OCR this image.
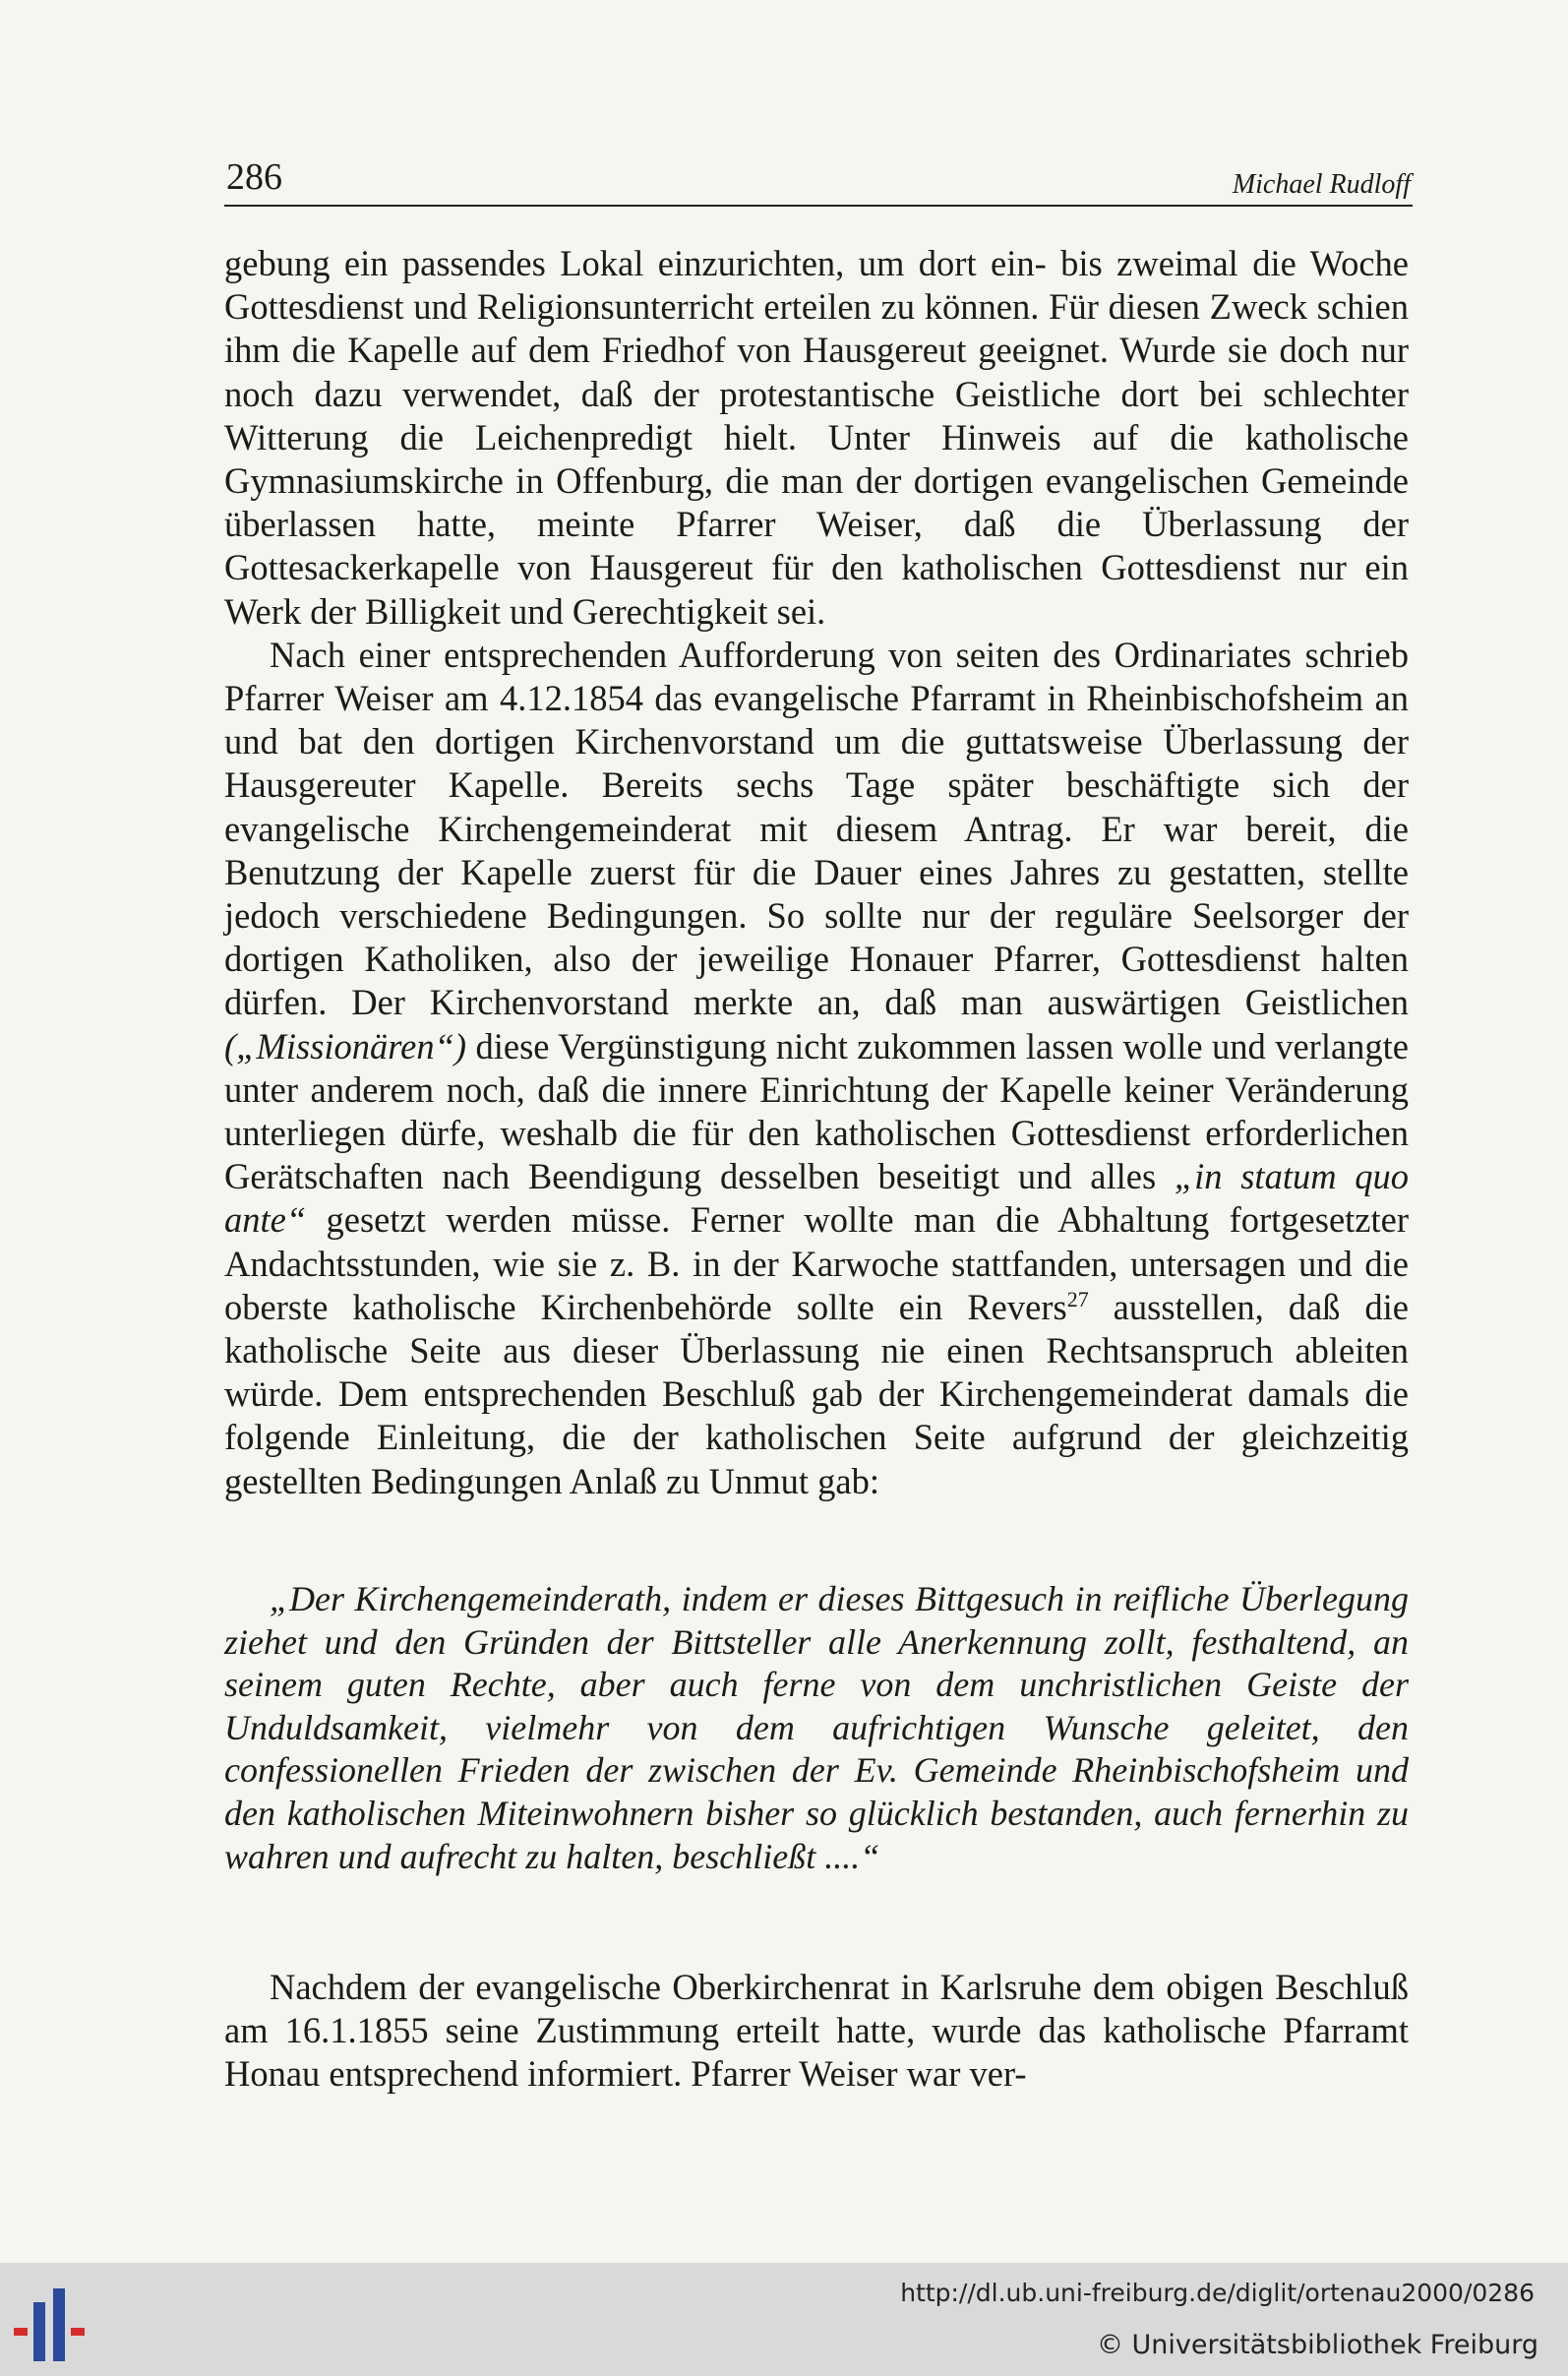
286	Michael Rudloff

gebung ein passendes Lokal einzurichten, um dort ein- bis zweimal die Woche Gottesdienst und Religionsunterricht erteilen zu können. Für diesen Zweck schien ihm die Kapelle auf dem Friedhof von Hausgereut geeignet. Wurde sie doch nur noch dazu verwendet, daß der protestantische Geistliche dort bei schlechter Witterung die Leichenpredigt hielt. Unter Hinweis auf die katholische Gymnasiumskirche in Offenburg, die man der dortigen evangelischen Gemeinde überlassen hatte, meinte Pfarrer Weiser, daß die Überlassung der Gottesackerkapelle von Hausgereut für den katholischen Gottesdienst nur ein Werk der Billigkeit und Gerechtigkeit sei.

Nach einer entsprechenden Aufforderung von seiten des Ordinariates schrieb Pfarrer Weiser am 4.12.1854 das evangelische Pfarramt in Rheinbischofsheim an und bat den dortigen Kirchenvorstand um die guttatsweise Überlassung der Hausgereuter Kapelle. Bereits sechs Tage später beschäftigte sich der evangelische Kirchengemeinderat mit diesem Antrag. Er war bereit, die Benutzung der Kapelle zuerst für die Dauer eines Jahres zu gestatten, stellte jedoch verschiedene Bedingungen. So sollte nur der reguläre Seelsorger der dortigen Katholiken, also der jeweilige Honauer Pfarrer, Gottesdienst halten dürfen. Der Kirchenvorstand merkte an, daß man auswärtigen Geistlichen („Missionären“) diese Vergünstigung nicht zukommen lassen wolle und verlangte unter anderem noch, daß die innere Einrichtung der Kapelle keiner Veränderung unterliegen dürfe, weshalb die für den katholischen Gottesdienst erforderlichen Gerätschaften nach Beendigung desselben beseitigt und alles „in statum quo ante“ gesetzt werden müsse. Ferner wollte man die Abhaltung fortgesetzter Andachtsstunden, wie sie z. B. in der Karwoche stattfanden, untersagen und die oberste katholische Kirchenbehörde sollte ein Revers$^{27}$ ausstellen, daß die katholische Seite aus dieser Überlassung nie einen Rechtsanspruch ableiten würde. Dem entsprechenden Beschluß gab der Kirchengemeinderat damals die folgende Einleitung, die der katholischen Seite aufgrund der gleichzeitig gestellten Bedingungen Anlaß zu Unmut gab:

„Der Kirchengemeinderath, indem er dieses Bittgesuch in reifliche Überlegung ziehet und den Gründen der Bittsteller alle Anerkennung zollt, festhaltend, an seinem guten Rechte, aber auch ferne von dem unchristlichen Geiste der Unduldsamkeit, vielmehr von dem aufrichtigen Wunsche geleitet, den confessionellen Frieden der zwischen der Ev. Gemeinde Rheinbischofsheim und den katholischen Miteinwohnern bisher so glücklich bestanden, auch fernerhin zu wahren und aufrecht zu halten, beschließt ....“
Nachdem der evangelische Oberkirchenrat in Karlsruhe dem obigen Beschluß am 16.1.1855 seine Zustimmung erteilt hatte, wurde das katholische Pfarramt Honau entsprechend informiert. Pfarrer Weiser war ver-
http://dl.ub.uni-freiburg.de/diglit/ortenau2000/0286
© Universitätsbibliothek Freiburg
